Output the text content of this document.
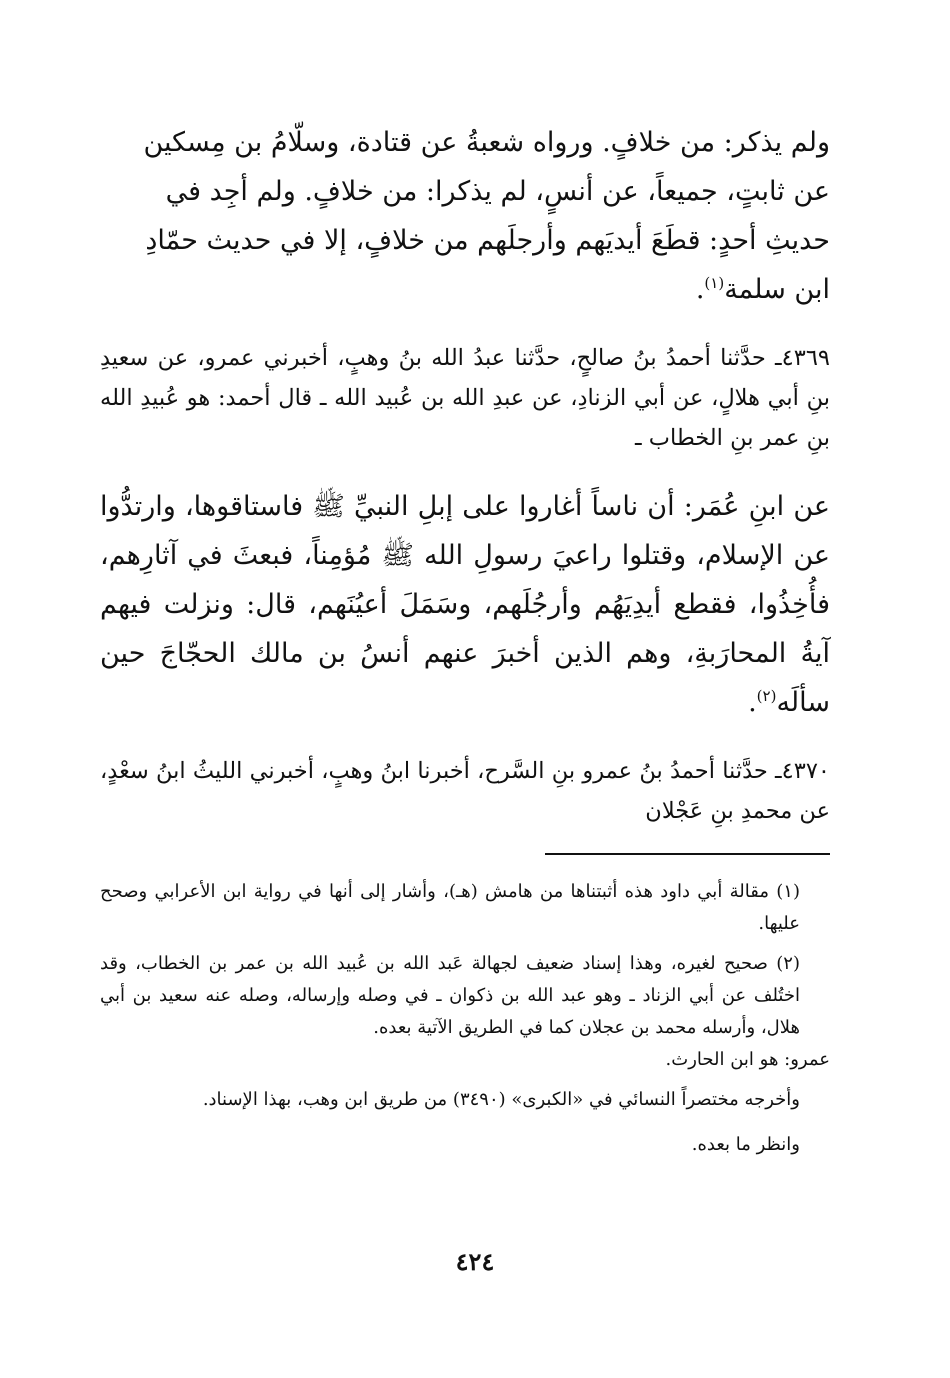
ولم يذكر: من خلافٍ. ورواه شعبةُ عن قتادة، وسلّامُ بن مِسكين
عن ثابتٍ، جميعاً، عن أنسٍ، لم يذكرا: من خلافٍ. ولم أجِد في
حديثِ أحدٍ: قطَعَ أيديَهم وأرجلَهم من خلافٍ، إلا في حديث حمّادِ
ابن سلمة$^{(١)}$.

٤٣٦٩ـ حدَّثنا أحمدُ بنُ صالحٍ، حدَّثنا عبدُ الله بنُ وهبٍ، أخبرني عمرو، عن سعيدِ بنِ أبي هلالٍ، عن أبي الزنادِ، عن عبدِ الله بن عُبيد الله ـ قال أحمد: هو عُبيدِ الله بنِ عمر بنِ الخطاب ـ

عن ابنِ عُمَر: أن ناساً أغاروا على إبلِ النبيِّ ﷺ فاستاقوها، وارتدُّوا عن الإسلام، وقتلوا راعيَ رسولِ الله ﷺ مُؤمِناً، فبعثَ في آثارِهم، فأُخِذُوا، فقطع أيدِيَهُم وأرجُلَهم، وسَمَلَ أعيُنَهم، قال: ونزلت فيهم آيةُ المحارَبةِ، وهم الذين أخبرَ عنهم أنسُ بن مالك الحجّاجَ حين سألَه$^{(٢)}$.

٤٣٧٠ـ حدَّثنا أحمدُ بنُ عمرو بنِ السَّرح، أخبرنا ابنُ وهبٍ، أخبرني الليثُ ابنُ سعْدٍ، عن محمدِ بنِ عَجْلان

(١) مقالة أبي داود هذه أثبتناها من هامش (هـ)، وأشار إلى أنها في رواية ابن الأعرابي وصحح عليها.

(٢) صحيح لغيره، وهذا إسناد ضعيف لجهالة عَبد الله بن عُبيد الله بن عمر بن الخطاب، وقد اختُلف عن أبي الزناد ـ وهو عبد الله بن ذكوان ـ في وصله وإرساله، وصله عنه سعيد بن أبي هلال، وأرسله محمد بن عجلان كما في الطريق الآتية بعده.

عمرو: هو ابن الحارث.

وأخرجه مختصراً النسائي في «الكبرى» (٣٤٩٠) من طريق ابن وهب، بهذا الإسناد.

وانظر ما بعده.

٤٢٤
